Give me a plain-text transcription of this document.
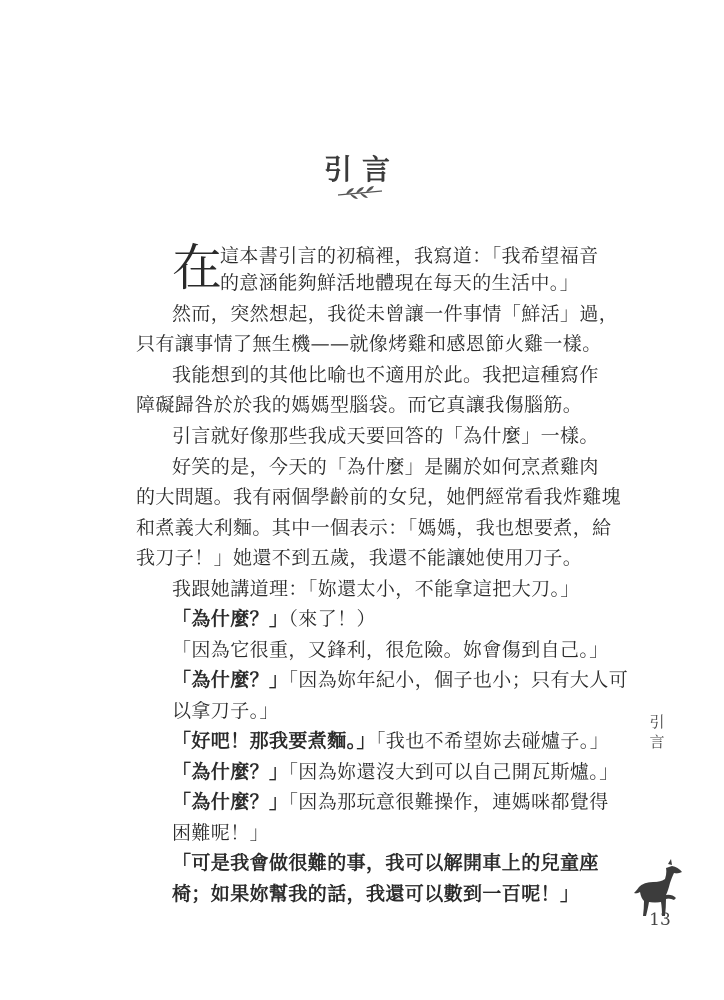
引言
在
這本書引言的初稿裡，我寫道：「我希望福音
的意涵能夠鮮活地體現在每天的生活中。」
然而，突然想起，我從未曾讓一件事情「鮮活」過，
只有讓事情了無生機——就像烤雞和感恩節火雞一樣。
我能想到的其他比喻也不適用於此。我把這種寫作
障礙歸咎於於我的媽媽型腦袋。而它真讓我傷腦筋。
引言就好像那些我成天要回答的「為什麼」一樣。
好笑的是，今天的「為什麼」是關於如何烹煮雞肉
的大問題。我有兩個學齡前的女兒，她們經常看我炸雞塊
和煮義大利麵。其中一個表示：「媽媽，我也想要煮，給
我刀子！」她還不到五歲，我還不能讓她使用刀子。
我跟她講道理：「妳還太小，不能拿這把大刀。」
「為什麼？」（來了！）
「因為它很重，又鋒利，很危險。妳會傷到自己。」
「為什麼？」「因為妳年紀小，個子也小；只有大人可
以拿刀子。」
「好吧！那我要煮麵。」「我也不希望妳去碰爐子。」
「為什麼？」「因為妳還沒大到可以自己開瓦斯爐。」
「為什麼？」「因為那玩意很難操作，連媽咪都覺得
困難呢！」
「可是我會做很難的事，我可以解開車上的兒童座
椅；如果妳幫我的話，我還可以數到一百呢！」
引言
13
